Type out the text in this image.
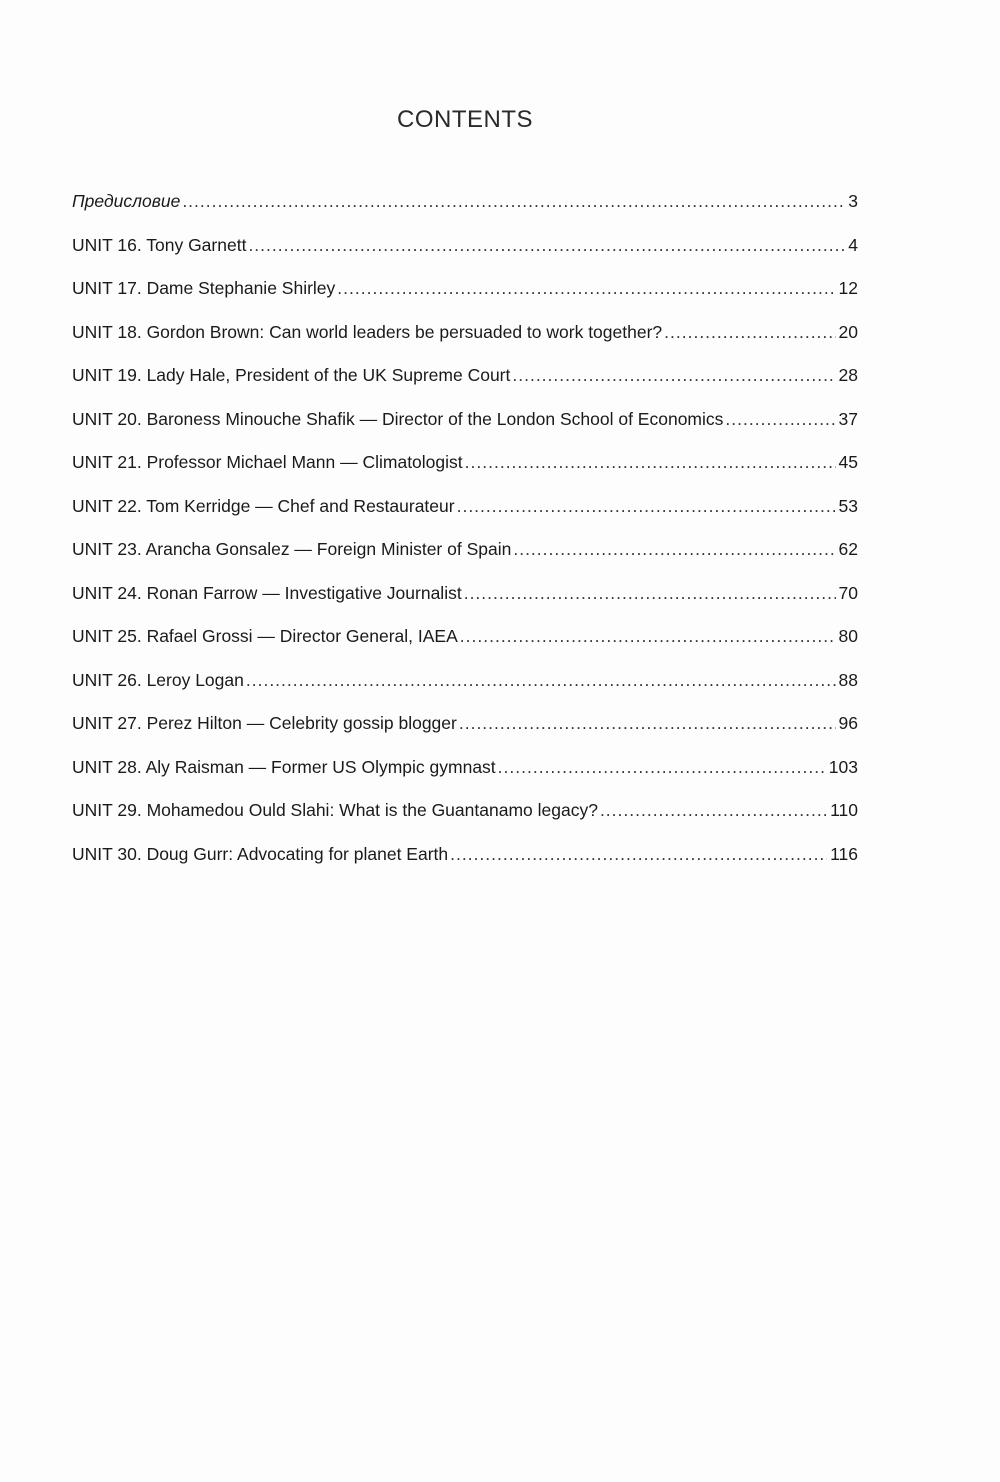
CONTENTS
Предисловие .....	3
UNIT 16. Tony Garnett .....	4
UNIT 17. Dame Stephanie Shirley .....	12
UNIT 18. Gordon Brown: Can world leaders be persuaded to work together? .....	20
UNIT 19. Lady Hale, President of the UK Supreme Court .....	28
UNIT 20. Baroness Minouche Shafik — Director of the London School of Economics .....	37
UNIT 21. Professor Michael Mann — Climatologist .....	45
UNIT 22. Tom Kerridge — Chef and Restaurateur .....	53
UNIT 23. Arancha Gonsalez — Foreign Minister of Spain .....	62
UNIT 24. Ronan Farrow — Investigative Journalist .....	70
UNIT 25. Rafael Grossi — Director General, IAEA .....	80
UNIT 26. Leroy Logan .....	88
UNIT 27. Perez Hilton — Celebrity gossip blogger .....	96
UNIT 28. Aly Raisman — Former US Olympic gymnast .....	103
UNIT 29. Mohamedou Ould Slahi: What is the Guantanamo legacy? .....	110
UNIT 30. Doug Gurr: Advocating for planet Earth .....	116
